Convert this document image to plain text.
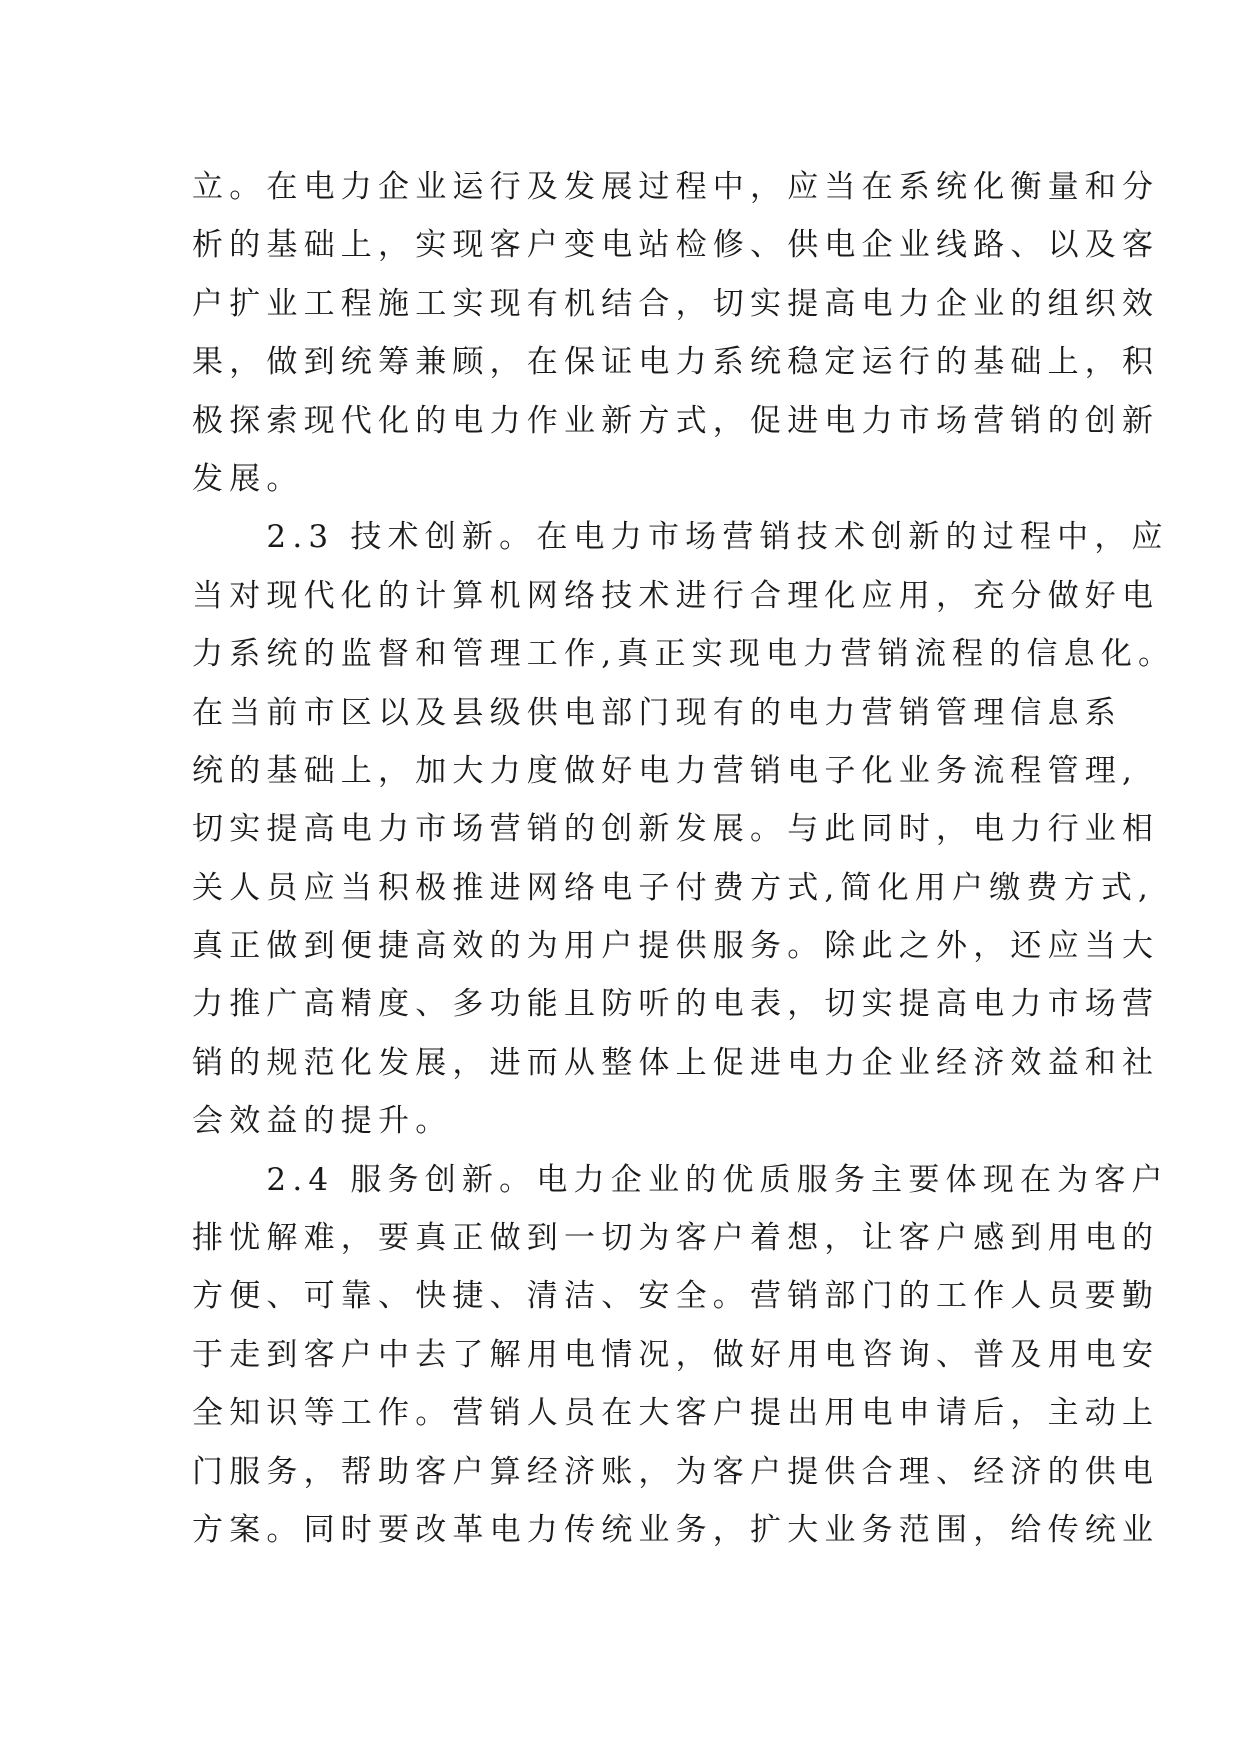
立。在电力企业运行及发展过程中，应当在系统化衡量和分
析的基础上，实现客户变电站检修、供电企业线路、以及客
户扩业工程施工实现有机结合，切实提高电力企业的组织效
果，做到统筹兼顾，在保证电力系统稳定运行的基础上，积
极探索现代化的电力作业新方式，促进电力市场营销的创新
发展。
　　2.3 技术创新。在电力市场营销技术创新的过程中，应
当对现代化的计算机网络技术进行合理化应用，充分做好电
力系统的监督和管理工作,真正实现电力营销流程的信息化。
在当前市区以及县级供电部门现有的电力营销管理信息系
统的基础上，加大力度做好电力营销电子化业务流程管理,
切实提高电力市场营销的创新发展。与此同时，电力行业相
关人员应当积极推进网络电子付费方式,简化用户缴费方式,
真正做到便捷高效的为用户提供服务。除此之外，还应当大
力推广高精度、多功能且防听的电表，切实提高电力市场营
销的规范化发展，进而从整体上促进电力企业经济效益和社
会效益的提升。
　　2.4 服务创新。电力企业的优质服务主要体现在为客户
排忧解难，要真正做到一切为客户着想，让客户感到用电的
方便、可靠、快捷、清洁、安全。营销部门的工作人员要勤
于走到客户中去了解用电情况，做好用电咨询、普及用电安
全知识等工作。营销人员在大客户提出用电申请后，主动上
门服务，帮助客户算经济账，为客户提供合理、经济的供电
方案。同时要改革电力传统业务，扩大业务范围，给传统业
